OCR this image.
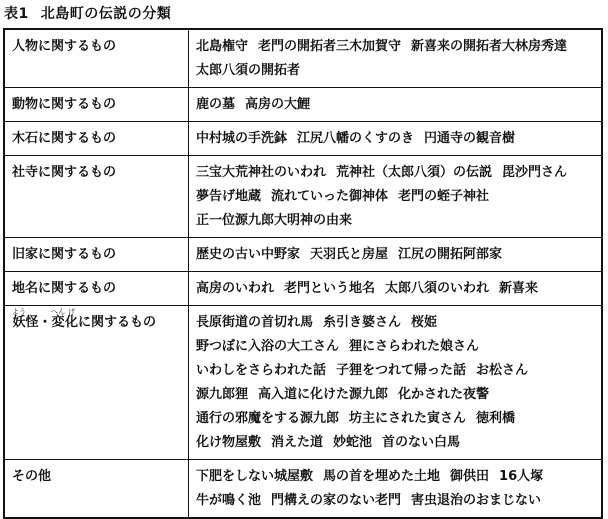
表1 北島町の伝説の分類
人物に関するもの	北島権守 老門の開拓者三木加賀守 新喜来の開拓者大林房秀達太郎八須の開拓者
動物に関するもの	鹿の墓 高房の大鯉
木石に関するもの	中村城の手洗鉢 江尻八幡のくすのき 円通寺の観音樹
社寺に関するもの	三宝大荒神社のいわれ 荒神社（太郎八須）の伝説 毘沙門さん夢告げ地蔵 流れていった御神体 老門の蛭子神社正一位源九郎大明神の由来
旧家に関するもの	歴史の古い中野家 天羽氏と房屋 江尻の開拓阿部家
地名に関するもの	高房のいわれ 老門という地名 太郎八須のいわれ 新喜来
妖よう怪・変へん化げに関するもの	長原街道の首切れ馬 糸引き婆さん 桜姫野つぼに入浴の大工さん 狸にさらわれた娘さんいわしをさらわれた話 子狸をつれて帰った話 お松さん源九郎狸 高入道に化けた源九郎 化かされた夜警通行の邪魔をする源九郎 坊主にされた寅さん 徳利橋化け物屋敷 消えた道 妙蛇池 首のない白馬
その他	下肥をしない城屋敷 馬の首を埋めた土地 御供田 16人塚牛が鳴く池 門構えの家のない老門 害虫退治のおまじない
